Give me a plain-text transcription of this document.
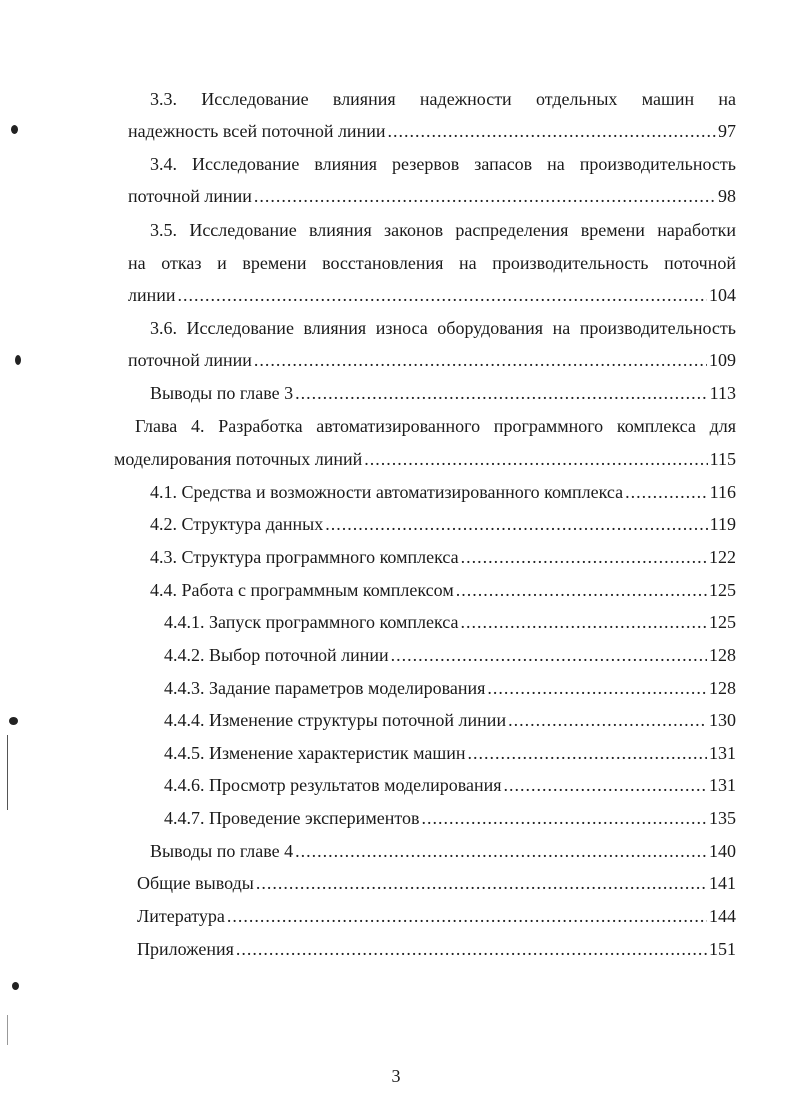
3.3. Исследование влияния надежности отдельных машин на
надежность всей поточной линии .....	97
3.4. Исследование влияния резервов запасов на производительность
поточной линии .....	98
3.5. Исследование влияния законов распределения времени наработки
на отказ и времени восстановления на производительность поточной
линии .....	104
3.6. Исследование влияния износа оборудования на производительность
поточной линии .....	109
Выводы по главе 3 .....	113
Глава 4. Разработка автоматизированного программного комплекса для
моделирования поточных линий .....	115
4.1. Средства и возможности автоматизированного комплекса .....	116
4.2. Структура данных .....	119
4.3. Структура программного комплекса .....	122
4.4. Работа с программным комплексом .....	125
4.4.1. Запуск программного комплекса .....	125
4.4.2. Выбор поточной линии .....	128
4.4.3. Задание параметров моделирования .....	128
4.4.4. Изменение структуры поточной линии .....	130
4.4.5. Изменение характеристик машин .....	131
4.4.6. Просмотр результатов моделирования .....	131
4.4.7. Проведение экспериментов .....	135
Выводы по главе 4 .....	140
Общие выводы .....	141
Литература .....	144
Приложения .....	151
3
